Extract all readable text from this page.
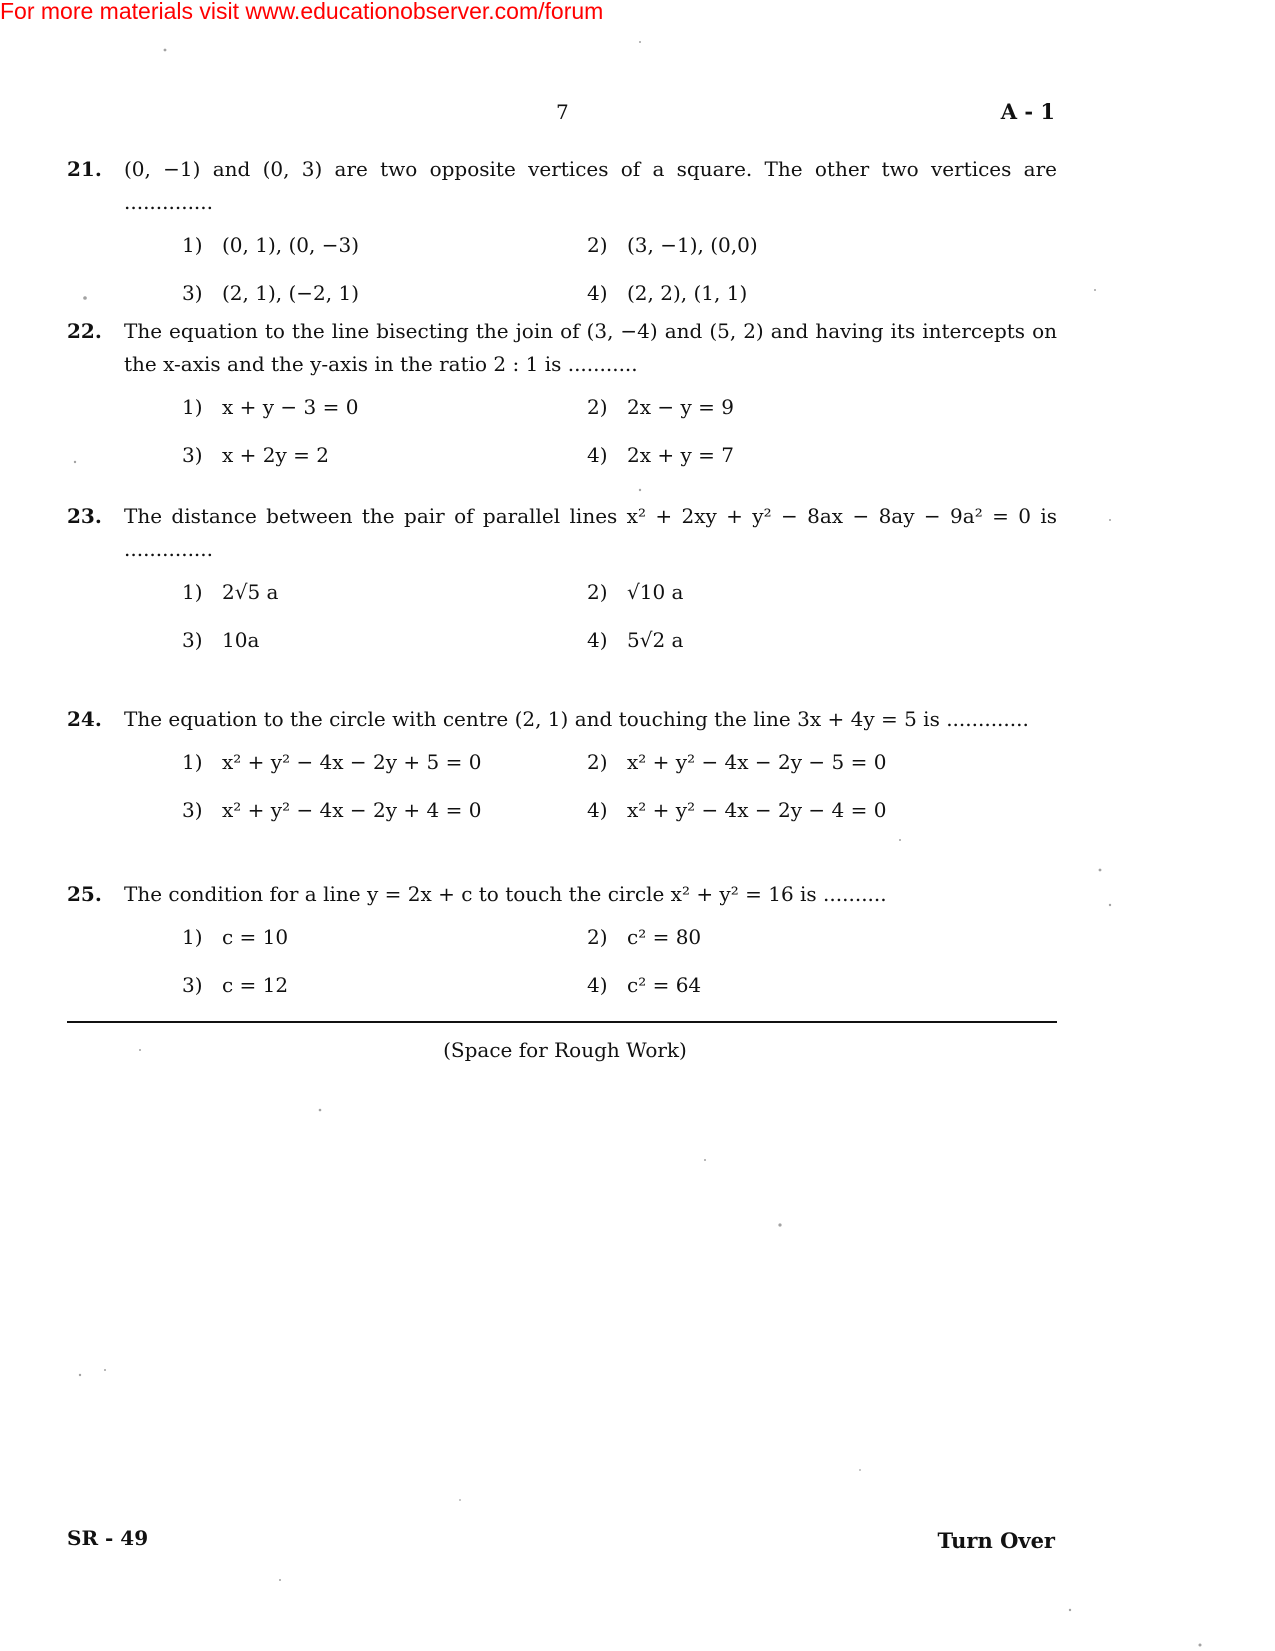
For more materials visit www.educationobserver.com/forum
7	A - 1
21. (0, −1) and (0, 3) are two opposite vertices of a square. The other two vertices are ..............
1) (0, 1), (0, −3)	2) (3, −1), (0,0)
3) (2, 1), (−2, 1)	4) (2, 2), (1, 1)
22. The equation to the line bisecting the join of (3, −4) and (5, 2) and having its intercepts on the x-axis and the y-axis in the ratio 2 : 1 is ...........
1) x + y − 3 = 0	2) 2x − y = 9
3) x + 2y = 2	4) 2x + y = 7
23. The distance between the pair of parallel lines x² + 2xy + y² − 8ax − 8ay − 9a² = 0 is ..............
1) 2√5 a	2) √10 a
3) 10a	4) 5√2 a
24. The equation to the circle with centre (2, 1) and touching the line 3x + 4y = 5 is .............
1) x² + y² − 4x − 2y + 5 = 0	2) x² + y² − 4x − 2y − 5 = 0
3) x² + y² − 4x − 2y + 4 = 0	4) x² + y² − 4x − 2y − 4 = 0
25. The condition for a line y = 2x + c to touch the circle x² + y² = 16 is ..........
1) c = 10	2) c² = 80
3) c = 12	4) c² = 64
(Space for Rough Work)
SR - 49	Turn Over
